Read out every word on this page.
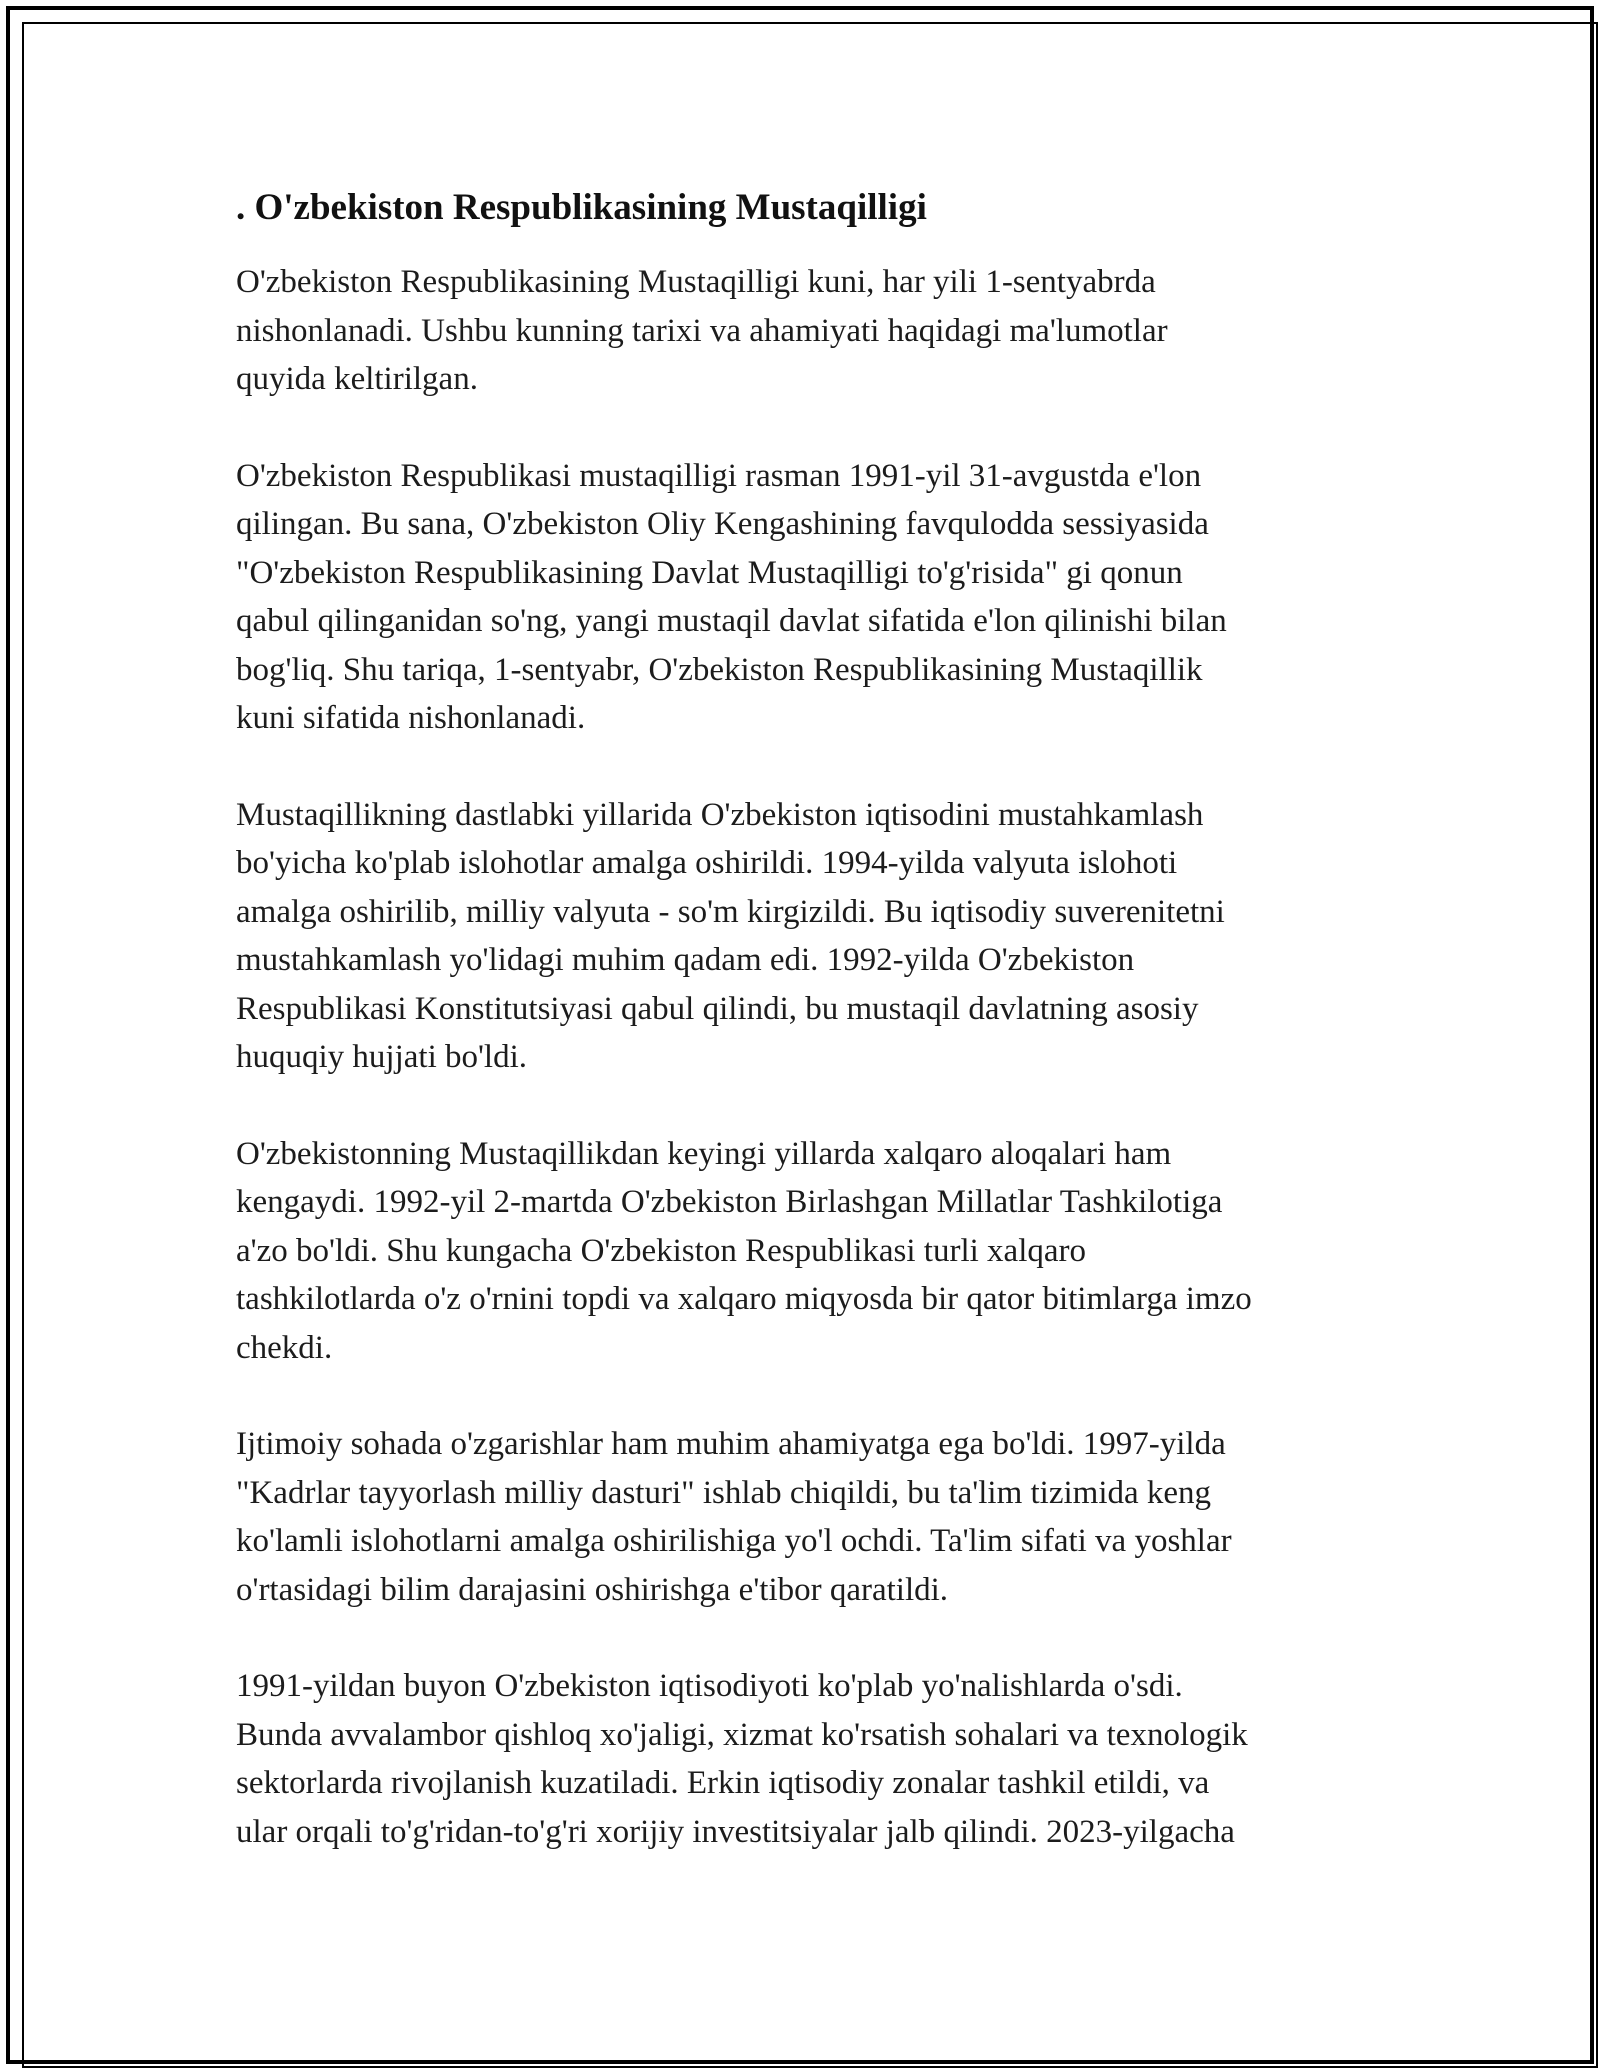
. O'zbekiston Respublikasining Mustaqilligi

O'zbekiston Respublikasining Mustaqilligi kuni, har yili 1-sentyabrda
nishonlanadi. Ushbu kunning tarixi va ahamiyati haqidagi ma'lumotlar
quyida keltirilgan.

O'zbekiston Respublikasi mustaqilligi rasman 1991-yil 31-avgustda e'lon
qilingan. Bu sana, O'zbekiston Oliy Kengashining favqulodda sessiyasida
"O'zbekiston Respublikasining Davlat Mustaqilligi to'g'risida" gi qonun
qabul qilinganidan so'ng, yangi mustaqil davlat sifatida e'lon qilinishi bilan
bog'liq. Shu tariqa, 1-sentyabr, O'zbekiston Respublikasining Mustaqillik
kuni sifatida nishonlanadi.

Mustaqillikning dastlabki yillarida O'zbekiston iqtisodini mustahkamlash
bo'yicha ko'plab islohotlar amalga oshirildi. 1994-yilda valyuta islohoti
amalga oshirilib, milliy valyuta - so'm kirgizildi. Bu iqtisodiy suverenitetni
mustahkamlash yo'lidagi muhim qadam edi. 1992-yilda O'zbekiston
Respublikasi Konstitutsiyasi qabul qilindi, bu mustaqil davlatning asosiy
huquqiy hujjati bo'ldi.

O'zbekistonning Mustaqillikdan keyingi yillarda xalqaro aloqalari ham
kengaydi. 1992-yil 2-martda O'zbekiston Birlashgan Millatlar Tashkilotiga
a'zo bo'ldi. Shu kungacha O'zbekiston Respublikasi turli xalqaro
tashkilotlarda o'z o'rnini topdi va xalqaro miqyosda bir qator bitimlarga imzo
chekdi.

Ijtimoiy sohada o'zgarishlar ham muhim ahamiyatga ega bo'ldi. 1997-yilda
"Kadrlar tayyorlash milliy dasturi" ishlab chiqildi, bu ta'lim tizimida keng
ko'lamli islohotlarni amalga oshirilishiga yo'l ochdi. Ta'lim sifati va yoshlar
o'rtasidagi bilim darajasini oshirishga e'tibor qaratildi.

1991-yildan buyon O'zbekiston iqtisodiyoti ko'plab yo'nalishlarda o'sdi.
Bunda avvalambor qishloq xo'jaligi, xizmat ko'rsatish sohalari va texnologik
sektorlarda rivojlanish kuzatiladi. Erkin iqtisodiy zonalar tashkil etildi, va
ular orqali to'g'ridan-to'g'ri xorijiy investitsiyalar jalb qilindi. 2023-yilgacha
